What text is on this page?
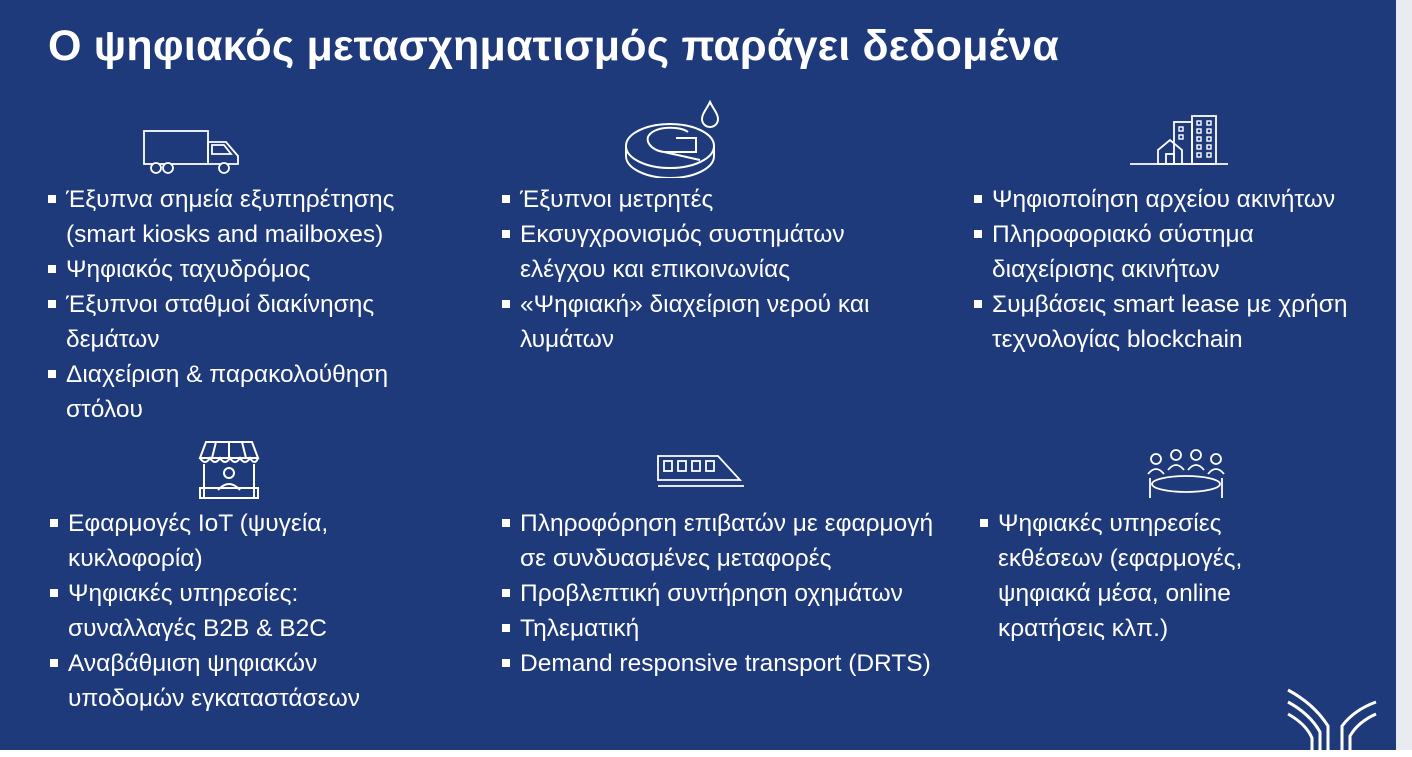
Ο ψηφιακός μετασχηματισμός παράγει δεδομένα
Έξυπνα σημεία εξυπηρέτησης (smart kiosks and mailboxes)
Ψηφιακός ταχυδρόμος
Έξυπνοι σταθμοί διακίνησης δεμάτων
Διαχείριση & παρακολούθηση στόλου
Έξυπνοι μετρητές
Εκσυγχρονισμός συστημάτων ελέγχου και επικοινωνίας
«Ψηφιακή» διαχείριση νερού και λυμάτων
Ψηφιοποίηση αρχείου ακινήτων
Πληροφοριακό σύστημα διαχείρισης ακινήτων
Συμβάσεις smart lease με χρήση τεχνολογίας blockchain
Εφαρμογές IoT (ψυγεία, κυκλοφορία)
Ψηφιακές υπηρεσίες: συναλλαγές B2B & B2C
Αναβάθμιση ψηφιακών υποδομών εγκαταστάσεων
Πληροφόρηση επιβατών με εφαρμογή σε συνδυασμένες μεταφορές
Προβλεπτική συντήρηση οχημάτων
Τηλεματική
Demand responsive transport (DRTS)
Ψηφιακές υπηρεσίες εκθέσεων (εφαρμογές, ψηφιακά μέσα, online κρατήσεις κλπ.)
